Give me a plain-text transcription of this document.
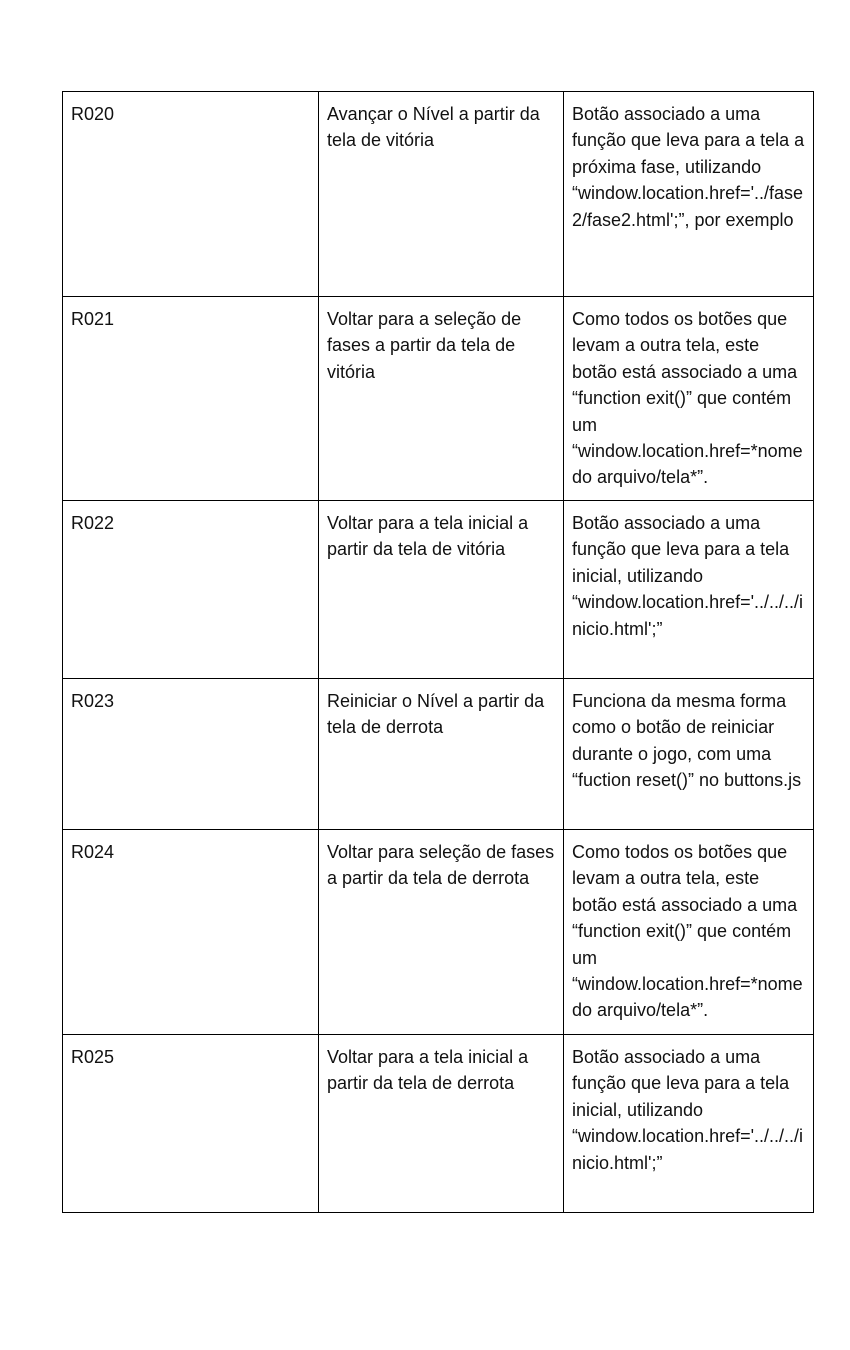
R020	Avançar o Nível a partir da tela de vitória	Botão associado a uma função que leva para a tela a próxima fase, utilizando “window.location.href='../fase2/fase2.html';”, por exemplo
R021	Voltar para a seleção de fases a partir da tela de vitória	Como todos os botões que levam a outra tela, este botão está associado a uma “function exit()” que contém um “window.location.href=*nome do arquivo/tela*”.
R022	Voltar para a tela inicial a partir da tela de vitória	Botão associado a uma função que leva para a tela inicial, utilizando “window.location.href='../../../inicio.html';”
R023	Reiniciar o Nível a partir da tela de derrota	Funciona da mesma forma como o botão de reiniciar durante o jogo, com uma “fuction reset()” no buttons.js
R024	Voltar para seleção de fases a partir da tela de derrota	Como todos os botões que levam a outra tela, este botão está associado a uma “function exit()” que contém um “window.location.href=*nome do arquivo/tela*”.
R025	Voltar para a tela inicial a partir da tela de derrota	Botão associado a uma função que leva para a tela inicial, utilizando “window.location.href='../../../inicio.html';”
